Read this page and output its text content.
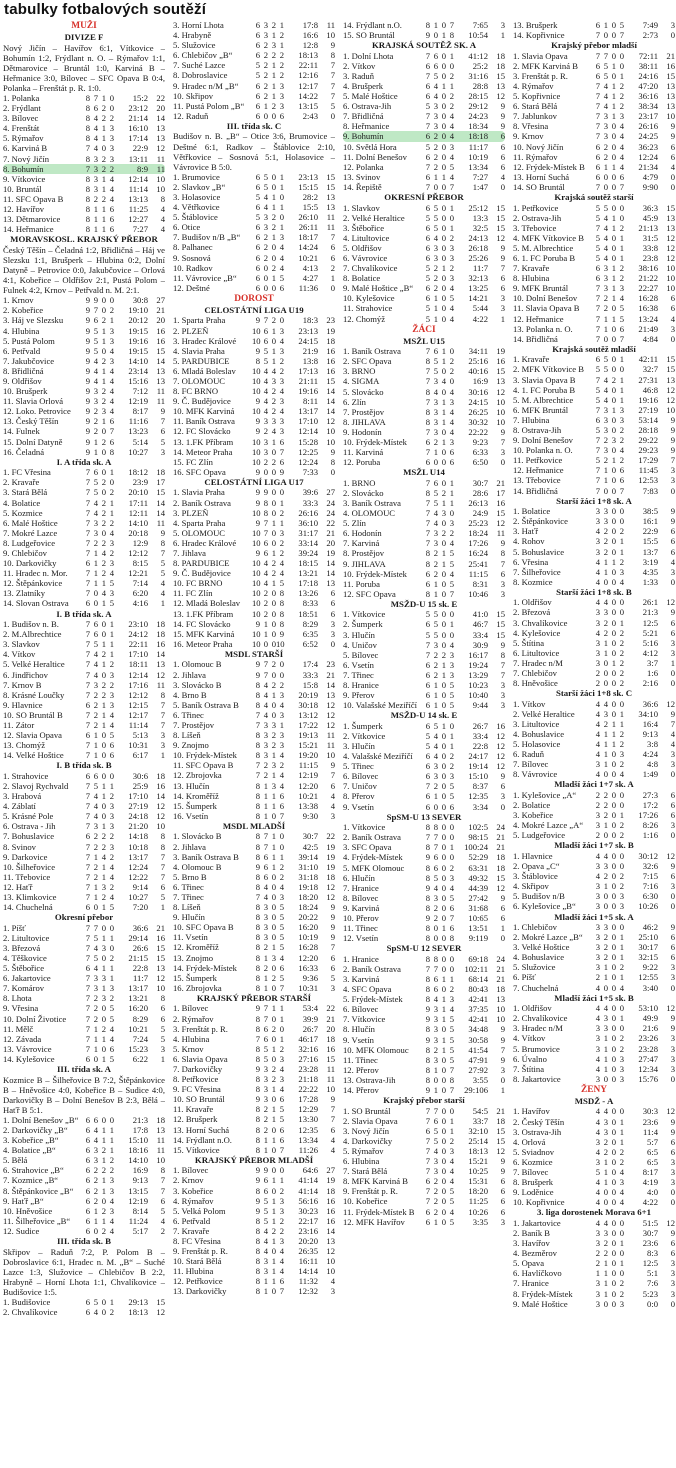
tabulky fotbalových soutěží
MUŽI
DIVIZE F

Nový Jičín – Havířov 6:1, Vítkovice – Bohumín 1:2, Frýdlant n. O. – Rýmařov 1:1, Dětmarovice – Bruntál 1:0, Karviná B – Heřmanice 3:0, Bílovec – SFC Opava B 0:4, Polanka – Frenštát p. R. 1:0.

1. Polanka	8 7 1 0	15:2 22
2. Frýdlant	8 6 2 0	23:12 20
3. Bílovec	8 4 2 2	21:14 14
4. Frenštát	8 4 1 3	16:10 13
5. Rýmařov	8 4 1 3	17:14 13
6. Karviná B	7 4 0 3	22:9 12
7. Nový Jičín	8 3 2 3	13:11	11
8. Bohumín	7 3 2 2	8:9	11
9. Vítkovice	8 3 1 4	12:14 10
10. Bruntál	8 3 1 4	11:14 10
11. SFC Opava B	8 2 2 4	13:13	8
12. Havířov	8 1 1 6	11:25	4
13. Dětmarovice	8 1 1 6	12:27	4
14. Heřmanice	8 1 1 6	7:27	4
MORAVSKOSL. KRAJSKÝ PŘEBOR

Český Těšín – Čeladná 1:2, Břidličná – Háj ve Slezsku 1:1, Brušperk – Hlubina 0:2, Dolní Datyně – Petrovice 0:0, Jakubčovice – Orlová 4:1, Kobeřice – Oldřišov 2:1, Pustá Polom – Fulnek 4:2, Krnov – Petřvald n. M. 2:1.

1. Krnov	9 9 0 0	30:8 27
2. Kobeřice	9 7 0 2	19:10 21
3. Háj ve Slezsku	9 6 2 1	20:12 20
4. Hlubina	9 5 1 3	19:15 16
5. Pustá Polom	9 5 1 3	19:16 16
6. Petřvald	9 5 0 4	19:15 15
7. Jakubčovice	9 4 2 3	14:10 14
8. Břidličná	9 4 1 4	23:14 13
9. Oldřišov	9 4 1 4	15:16 13
10. Brušperk	9 3 2 4	7:12	11
11. Slavia Orlová	9 3 2 4	12:19	11
12. Loko. Petrovice	9 2 3 4	8:17	9
13. Český Těšín	9 2 1 6	11:16	7
14. Fulnek	9 2 0 7	13:23	6
15. Dolní Datyně	9 1 2 6	5:14	5
16. Čeladná	9 1 0 8	10:27	3
I. A třída sk. A
1. FC Vřesina	7 6 0 1	18:12 18
2. Kravaře	7 5 2 0	23:9 17
3. Stará Bělá	7 5 0 2	20:10 15
4. Bolatice	7 4 2 1	17:11 14
5. Kozmice	7 4 2 1	12:11 14
6. Malé Hoštice	7 3 2 2	14:10	11
7. Mokré Lazce	7 3 0 4	20:18	9
8. Ludgeřovice	7 2 2 3	12:9	8
9. Chlebičov	7 1 4 2	12:12	7
10. Darkovičky	6 1 2 3	8:15	5
11. Hradec n. Mor.	7 1 2 4	12:21	5
12. Štěpánkovice	7 1 1 5	7:14	4
13. Zlatníky	7 0 4 3	6:20	4
14. Slovan Ostrava	6 0 1 5	4:16	1
I. B třída sk. A
1. Budišov n. B.	7 6 0 1	23:10 18
2. M.Albrechtice	7 6 0 1	24:12 18
3. Slavkov	7 5 1 1	22:11 16
4. Vítkov	7 4 2 1	17:10 14
5. Velké Heraltice	7 4 1 2	18:11 13
6. Jindřichov	7 4 0 3	12:14 12
7. Krnov B	7 3 2 2	17:16	11
8. Krásné Loučky	7 2 2 3	12:12	8
9. Hlavnice	6 2 1 3	12:15	7
10. SO Bruntál B	7 2 1 4	12:17	7
11. Zátor	7 2 1 4	11:14	7
12. Slavia Opava	6 1 0 5	5:13	3
13. Chomýž	7 1 0 6	10:31	3
14. Velké Hoštice	7 1 0 6	6:17	1
I. B třída sk. B
1. Strahovice	6 6 0 0	30:6 18
2. Slavoj Rychvald	7 5 1 1	25:9 16
3. Hrabová	7 4 1 2	17:10 14
4. Záblatí	7 4 0 3	27:19 12
5. Krásné Pole	7 4 0 3	24:18 12
6. Ostrava - Jih	7 3 1 3	21:20 10
7. Bohuslavice	6 2 2 2	14:18	8
8. Svinov	7 2 2 3	10:18	8
9. Darkovice	7 1 4 2	13:17	7
10. Šilheřovice	7 2 1 4	12:24	7
11. Třebovice	7 2 1 4	12:22	7
12. Haťř	7 1 3 2	9:14	6
13. Klimkovice	7 1 2 4	10:27	5
14. Chuchelná	6 0 1 5	7:20	1
Okresní přebor
1. Píšť	7 7 0 0	36:6 21
2. Litultovice	7 5 1 1	29:14 16
3. Březová	7 4 3 0	26:6 15
4. Těškovice	7 5 0 2	21:15 15
5. Štěbořice	6 4 1 1	22:8 13
6. Jakartovice	7 3 3 1	11:7 12
7. Komárov	7 3 1 3	13:17 10
8. Lhota	7 2 3 2	13:21	8
9. Vřesina	7 2 0 5	16:20	6
10. Dolní Životice	7 2 0 5	8:29	6
11. Mělč	7 1 2 4	10:21	5
12. Závada	7 1 1 4	7:24	5
13. Vávrovice	7 1 0 6	15:23	3
14. Kylešovice	6 0 1 5	6:22	1
III. třída sk. A

Kozmice B – Šilheřovice B 7:2, Štěpánkovice B – Hněvošice 4:0, Kobeřice B – Sudice 4:0, Darkovičky B – Dolní Benešov B 2:3, Bělá – Haťř B 5:1.

1. Dolní Benešov „B“ 6 6 0 0	21:3 18
2. Darkovičky „B“	6 4 1 1	17:8 13
3. Kobeřice „B“	6 4 1 1	15:10	11
4. Bolatice „B“	6 3 2 1	18:16	11
5. Bělá	6 3 1 2	14:10 10
6. Strahovice „B“	6 2 2 2	16:9	8
7. Kozmice „B“	6 2 1 3	9:13	7
8. Štěpánkovice „B“	6 2 1 3	13:15	7
9. Haťř „B“	6 2 0 4	12:19	6
10. Hněvošice	6 1 2 3	8:14	5
11. Šilheřovice „B“	6 1 1 4	11:24	4
12. Sudice	6 0 2 4	5:17	2
III. třída sk. B

Skřipov – Raduň 7:2, P. Polom B – Dobroslavice 6:1, Hradec n. M. „B“ – Suché Lazce 1:3, Služovice – Chlebičov B 2:2, Hrabyně – Horní Lhota 1:1, Chvalíkovice – Budišovice 1:5.

1. Budišovice	6 5 0 1	29:13 15
2. Chvalíkovice	6 4 0 2	18:13 12
3. Horní Lhota	6 3 2 1	17:8	11
4. Hrabyně	6 3 1 2	16:6 10
5. Služovice	6 2 3 1	12:8	9
6. Chlebičov „B“	6 2 2 2	18:13	8
7. Suché Lazce	5 2 1 2	22:11	7
8. Dobroslavice	5 2 1 2	12:16	7
9. Hradec n/M „B“	6 2 1 3	12:17	7
10. Skřipov	6 2 1 3	14:22	7
11. Pustá Polom „B“	6 1 2 3	13:15	5
12. Raduň	6 0 0 6	2:43	0
III. třída sk. C

Budišov n. B. „B“ – Otice 3:6, Brumovice – Deštné 6:1, Radkov – Štáblovice 2:10, Větřkovice – Sosnová 5:1, Holasovice – Vávrovice B 5:0.

1. Brumovice	6 5 0 1	23:13 15
2. Slavkov „B“	6 5 0 1	15:15 15
3. Holasovice	5 4 1 0	28:2 13
4. Větřkovice	6 4 1 1	15:5 13
5. Štáblovice	5 3 2 0	26:10	11
6. Otice	6 3 2 1	26:11	11
7. Budišov n/B „B“	6 2 1 3	18:17	7
8. Palhanec	6 2 0 4	14:24	6
9. Sosnová	6 2 0 4	10:21	6
10. Radkov	6 0 2 4	4:13	2
11. Vávrovice „B“	6 0 1 5	4:27	1
12. Deštné	6 0 0 6	11:36	0
DOROST
CELOSTÁTNÍ LIGA U19
1. Sparta Praha	9 7 2 0	18:3 23
2. PLZEŇ	10 6 1 3	23:13 19
3. Hradec Králové	10 6 0 4	24:15 18
4. Slavia Praha	9 5 1 3	21:9 16
5. PARDUBICE	8 5 1 2	13:8 16
6. Mladá Boleslav	10 4 4 2	17:13 16
7. OLOMOUC	10 4 3 3	21:11 15
8. FC BRNO	10 4 2 4	19:16 14
9. Č. Budějovice	9 4 2 3	8:11 14
10. MFK Karviná	10 4 2 4	13:17 14
11. Baník Ostrava	9 3 3 3	17:10 12
12. FC Slovácko	9 2 4 3	12:14 10
13. 1.FK Příbram	10 3 1 6	15:28 10
14. Meteor Praha	10 3 0 7	12:25	9
15. FC Zlín	10 2 2 6	12:24	8
16. SFC Opava	9 0 0 9	7:33	0
CELOSTÁTNÍ LIGA U17
1. Slavia Praha	9 9 0 0	39:6 27
2. Baník Ostrava	9 8 0 1	33:3 24
3. PLZEŇ	10 8 0 2	26:16 24
4. Sparta Praha	9 7 1 1	36:10 22
5. OLOMOUC	10 7 0 3	31:17 21
6. Hradec Králové	10 6 0 2	33:14 20
7. Jihlava	9 6 1 2	39:24 19
8. PARDUBICE	10 4 2 4	18:15 14
9. Č. Budějovice	10 4 2 4	13:21 14
10. FC BRNO	10 4 1 5	17:18 13
11. FC Zlín	10 2 0 8	13:26	6
12. Mladá Boleslav	10 2 0 8	8:33	6
13. 1.FK Příbram	10 2 0 8	18:51	6
14. FC Slovácko	9 1 0 8	8:29	3
15. MFK Karviná	10 1 0 9	6:35	3
16. Meteor Praha	10 0 0 10	6:52	0
MSDL STARŠÍ
1. Olomouc B	9 7 2 0	17:4 23
2. Jihlava	9 7 0 0	33:3 21
3. Slovácko B	8 4 2 2	15:8 14
4. Brno B	8 4 1 3	20:19 13
5. Baník Ostrava B	8 4 0 4	30:18 12
6. Třinec	7 4 0 3	13:12 12
7. Prostějov	7 3 3 1	17:22 12
8. Líšeň	8 3 2 3	19:13	11
9. Znojmo	8 3 2 3	15:21	11
10. Frýdek-Místek	8 3 1 4	19:20 10
11. SFC Opava B	7 2 3 2	11:15	9
12. Zbrojovka	7 2 1 4	12:19	7
13. Hlučín	8 1 3 4	12:20	6
14. Kroměříž	8 1 1 6	10:21	4
15. Šumperk	8 1 1 6	13:38	4
16. Vsetín	8 1 0 7	9:30	3
MSDL MLADŠÍ
1. Slovácko B	8 7 1 0	30:7 22
2. Jihlava	8 7 1 0	42:5 19
3. Baník Ostrava B	8 6 1 1	39:14 19
4. Olomouc B	9 6 1 2	31:10 19
5. Brno B	8 6 0 2	31:18 18
6. Třinec	8 4 0 4	19:18 12
7. Třinec	7 4 0 3	18:20 12
8. Líšeň	8 3 0 5	18:24	9
9. Hlučín	8 3 0 5	20:22	9
10. SFC Opava B	8 3 0 5	16:20	9
11. Vsetín	8 3 0 5	10:19	9
12. Kroměříž	8 2 1 5	16:28	7
13. Znojmo	8 1 3 4	12:20	6
14. Frýdek-Místek	8 2 0 6	16:33	6
15. Šumperk	8 1 2 5	9:36	5
16. Zbrojovka	8 1 0 7	10:31	3
KRAJSKÝ PŘEBOR STARŠÍ
1. Bílovec	9 7 1 1	53:4 22
2. Rýmařov	8 7 0 1	39:9 21
3. Frenštát p. R.	8 6 2 0	26:7 20
4. Hlubina	7 6 0 1	46:17 18
5. Krnov	8 5 1 2	32:16 16
6. Slavia Opava	8 5 0 3	27:16 15
7. Darkovičky	9 3 2 4	23:28	11
8. Petřkovice	8 3 2 3	21:18	11
9. FC Vřesina	8 3 1 4	22:22 10
10. SO Bruntál	9 3 0 6	17:28	9
11. Kravaře	8 2 1 5	12:29	7
12. Brušperk	8 2 1 5	13:30	7
13. Horní Suchá	8 2 0 6	12:35	6
14. Frýdlant n.O.	8 1 1 6	13:34	4
15. Vítkovice	8 1 0 7	11:26	4
KRAJSKÝ PŘEBOR MLADŠÍ
1. Bílovec	9 9 0 0	64:6 27
2. Krnov	9 6 1 1	41:14 19
3. Kobeřice	8 6 0 2	41:14 18
4. Rýmařov	9 5 1 3	56:16 16
5. Velká Polom	9 5 1 3	30:23 16
6. Petřvald	8 5 1 2	22:17 16
7. Kravaře	8 4 2 2	23:16 14
8. FC Vřesina	8 4 1 3	20:20 13
9. Frenštát p. R.	8 4 0 4	26:35 12
10. Stará Bělá	8 3 1 4	16:11 10
11. Hlubina	8 3 1 4	14:14 10
12. Petřkovice	8 1 1 6	11:32	4
13. Darkovičky	8 1 0 7	12:32	3
14. Frýdlant n.O.	8 1 0 7	7:65	3
15. SO Bruntál	9 0 1 8	10:54	1
KRAJSKÁ SOUTĚŽ SK. A
1. Dolní Lhota	7 6 0 1	41:12 18
2. Vítkov	6 6 0 0	25:2 18
3. Raduň	7 5 0 2	31:16 15
4. Brušperk	6 4 1 1	28:8 13
5. Malé Hoštice	6 4 0 2	28:15 12
6. Ostrava-Jih	5 3 0 2	29:12	9
7. Břidličná	7 3 0 4	24:23	9
8. Heřmanice	7 3 0 4	18:34	9
9. Bohumín	6 2 0 4	18:18	6
10. Světlá Hora	5 2 0 3	11:17	6
11. Dolní Benešov	6 2 0 4	10:19	6
12. Polanka	7 2 0 5	13:34	6
13. Svinov	6 1 1 4	7:27	4
14. Řepiště	7 0 0 7	1:47	0
OKRESNÍ PŘEBOR
1. Slavkov	6 5 0 1	25:12 15
2. Velké Heraltice	5 5 0 0	13:3 15
3. Štěbořice	6 5 0 1	32:5 15
4. Litultovice	6 4 0 2	24:13 12
5. Oldřišov	6 3 0 3	26:18	9
6. Vávrovice	6 3 0 3	25:26	9
7. Chvalíkovice	5 2 1 2	11:7	7
8. Bolatice	5 2 0 3	32:13	6
9. Malé Hoštice „B“	6 2 0 4	13:25	6
10. Kylešovice	6 1 0 5	14:21	3
11. Strahovice	5 1 0 4	5:44	3
12. Chomýž	5 1 0 4	4:22	1
ŽÁCI
MSŽL U15
1. Baník Ostrava	7 6 1 0	34:11 19
2. SFC Opava	8 5 1 2	25:16 16
3. BRNO	7 5 0 2	40:16 15
4. SIGMA	7 3 4 0	16:9 13
5. Slovácko	8 4 0 4	30:16 12
6. Zlín	7 3 1 3	24:15 10
7. Prostějov	8 3 1 4	26:25 10
8. JIHLAVA	8 3 1 4	30:32 10
9. Hodonín	7 3 0 4	22:22	9
10. Frýdek-Místek	6 2 1 3	9:23	7
11. Karviná	7 1 0 6	6:33	3
12. Poruba	6 0 0 6	6:50	0
MSŽL U14
1. BRNO	7 6 0 1	30:7 21
2. Slovácko	8 5 2 1	28:6 17
3. Baník Ostrava	7 5 1 1	26:13 16
4. OLOMOUC	7 4 3 0	24:9 15
5. Zlín	7 4 0 3	25:23 12
6. Hodonín	7 3 2 2	18:24	11
7. Karviná	7 3 0 4	17:26	9
8. Prostějov	8 2 1 5	16:24	8
9. JIHLAVA	8 2 1 5	25:41	7
10. Frýdek-Místek	6 2 0 4	11:15	6
11. Poruba	6 1 0 5	8:31	3
12. SFC Opava	8 1 0 7	10:46	3
MSŽD-U 15 sk. E
1. Vítkovice	5 5 0 0	41:0 15
2. Šumperk	6 5 0 1	46:7 15
3. Hlučín	5 5 0 0	33:4 15
4. Uničov	7 3 0 4	30:9	9
5. Bílovec	7 2 2 3	16:17	8
6. Vsetín	6 2 1 3	19:24	7
7. Třinec	6 2 1 3	13:29	7
8. Hranice	6 1 0 5	10:23	3
9. Přerov	6 1 0 5	10:40	3
10. Valašské Meziříčí	6 1 0 5	9:44	3
MSŽD-U 14 sk. E
1. Šumperk	6 5 1 0	26:7 16
2. Vítkovice	5 4 0 1	33:4 12
3. Hlučín	5 4 0 1	22:8 12
4. Valašské Meziříčí	6 4 0 2	24:17 12
5. Třinec	6 3 0 2	19:14 12
6. Bílovec	6 3 0 3	15:10	9
7. Uničov	7 2 0 5	8:37	6
8. Přerov	6 1 0 5	12:35	3
9. Vsetín	6 0 0 6	3:34	0
SpSM-U 13 SEVER
1. Vítkovice	8 8 0 0	102:5 24
2. Baník Ostrava	7 7 0 0	98:15 21
3. SFC Opava	8 7 0 1	100:24 21
4. Frýdek-Místek	9 6 0 0	52:29 18
5. MFK Olomouc	8 6 0 2	63:31 18
6. Hlučín	8 5 0 3	49:32 15
7. Hranice	9 4 0 4	44:39 12
8. Bílovec	8 3 0 5	27:42	9
9. Karviná	8 2 0 6	31:68	6
10. Přerov	9 2 0 7	10:65	6
11. Třinec	8 0 1 6	13:51	1
12. Vsetín	8 0 0 8	9:119	0
SpSM-U 12 SEVER
1. Hranice	8 8 0 0	69:18 24
2. Baník Ostrava	7 7 0 0	102:11 21
3. Karviná	8 6 1 1	68:14 21
4. SFC Opava	8 6 0 2	80:43 18
5. Frýdek-Místek	8 4 1 3	42:41 13
6. Bílovec	9 3 1 4	37:35 10
7. Vítkovice	9 3 1 5	42:41 10
8. Hlučín	8 3 0 5	34:48	9
9. Vsetín	9 3 1 5	30:58	9
10. MFK Olomouc	8 2 1 5	41:54	7
11. Třinec	8 3 0 5	47:91	9
12. Přerov	8 1 0 7	27:92	3
13. Ostrava-Jih	8 0 0 8	3:55	0
14. Přerov	9 1 0 7	29:106	1
Krajský přebor starší
1. SO Bruntál	7 7 0 0	54:5 21
2. Slavia Opava	7 6 0 1	33:7 18
3. Nový Jičín	6 5 0 1	32:10 15
4. Darkovičky	7 5 0 2	25:14 15
5. Rýmařov	7 4 0 3	18:13 12
6. Hlubina	7 3 0 4	15:21	9
7. Stará Bělá	7 3 0 4	10:25	9
8. MFK Karviná B	6 2 0 4	15:31	6
9. Frenštát p. R.	7 2 0 5	18:20	6
10. Kobeřice	7 2 0 5	11:25	6
11. Frýdek-Místek B	6 2 0 4	10:26	6
12. MFK Havířov	6 1 0 5	3:35	3
13. Brušperk	6 1 0 5	7:49	3
14. Kopřivnice	7 0 0 7	2:73	0
Krajský přebor mladší
1. Slavia Opava	7 7 0 0	72:11 21
2. MFK Karviná B	6 5 1 0	38:11 16
3. Frenštát p. R.	6 5 0 1	24:16 15
4. Rýmařov	7 4 1 2	47:20 13
5. Kopřivnice	7 4 1 2	36:16 13
6. Stará Bělá	7 4 1 2	38:34 13
7. Jablunkov	7 3 1 3	23:17 10
8. Vřesina	7 3 0 4	26:16	9
9. Krnov	7 3 0 4	24:25	9
10. Nový Jičín	6 2 0 4	36:23	6
11. Rýmařov	6 2 0 4	12:24	6
12. Frýdek-Místek B	6 1 1 4	21:34	4
13. Horní Suchá	6 0 0 6	4:79	0
14. SO Bruntál	7 0 0 7	9:90	0
Krajská soutěž starší
1. Petřkovice	5 5 0 0	36:3 15
2. Ostrava-Jih	5 4 1 0	45:9 13
3. Třebovice	7 4 1 2	21:13 13
4. MFK Vítkovice B	5 4 0 1	31:5 12
5. M. Albrechtice	5 4 0 1	33:8 12
6. 1. FC Poruba B	5 4 0 1	23:8 12
7. Kravaře	6 3 1 2	38:16 10
8. Hlubina	6 3 1 2	21:22 10
9. MFK Bruntál	7 3 1 3	22:27 10
10. Dolní Benešov	7 2 1 4	16:28	6
11. Slavia Opava B	7 2 0 5	16:38	6
12. Heřmanice	7 1 1 5	13:24	4
13. Polanka n. O.	7 1 0 6	21:49	3
14. Břidličná	7 0 0 7	4:84	0
Krajská soutěž mladší
1. Kravaře	6 5 0 1	42:11 15
2. MFK Vítkovice B	5 5 0 0	32:7 15
3. Slavia Opava B	7 4 2 1	27:31 13
4. 1. FC Poruba B	5 4 0 1	46:8 12
5. M. Albrechtice	5 4 0 1	19:16 12
6. MFK Bruntál	7 3 1 3	27:19 10
7. Hlubina	6 3 0 3	53:14	9
8. Ostrava-Jih	5 3 0 2	28:18	9
9. Dolní Benešov	7 2 3 2	29:22	9
10. Polanka n. O.	7 3 0 4	29:23	9
11. Petřkovice	5 2 1 2	17:29	7
12. Heřmanice	7 1 0 6	11:45	3
13. Třebovice	7 1 0 6	12:53	3
14. Břidličná	7 0 0 7	7:83	0
Starší žáci 1+8 sk. A
1. Bolatice	3 3 0 0	38:5	9
2. Štěpánkovice	3 3 0 0	16:1	9
3. Haťř	4 2 0 2	22:9	6
4. Rohov	3 2 0 1	15:5	6
5. Bohuslavice	3 2 0 1	13:7	6
6. Vřesina	4 1 1 2	3:19	4
7. Šilheřovice	4 1 0 3	4:35	3
8. Kozmice	4 0 0 4	1:33	0
Starší žáci 1+8 sk. B
1. Oldřišov	4 4 0 0	26:1 12
2. Březová	3 3 0 0	21:3	9
3. Chvalíkovice	3 2 0 1	12:5	6
4. Kylešovice	4 2 0 2	5:21	6
5. Štítina	3 1 0 2	5:16	3
6. Litultovice	3 1 0 2	4:12	3
7. Hradec n/M	3 0 1 2	3:7	1
7. Chlebičov	2 0 0 2	1:6	0
8. Hněvošice	2 0 0 2	2:16	0
Starší žáci 1+8 sk. C
1. Vítkov	4 4 0 0	36:6 12
2. Velké Heraltice	4 3 0 1	34:10	9
3. Litultovice	4 2 1 1	16:4	7
4. Bohuslavice	4 1 1 2	9:13	4
5. Holasovice	4 1 1 2	3:8	4
6. Raduň	4 1 0 3	4:24	3
7. Bílovec	3 1 0 2	4:8	3
8. Vávrovice	4 0 0 4	1:49	0
Mladší žáci 1+7 sk. A
1. Kylešovice „A“	2 2 0 0	27:3	6
2. Bolatice	2 2 0 0	17:2	6
3. Kobeřice	3 2 0 1	17:26	6
4. Mokré Lazce „A“	3 1 0 2	8:26	3
5. Ludgeřovice	2 0 0 2	1:16	0
Mladší žáci 1+7 sk. B
1. Hlavnice	4 4 0 0	30:12 12
2. Opava „C“	3 3 0 0	32:6	9
3. Štáblovice	4 2 0 2	7:15	6
4. Skřipov	3 1 0 2	7:16	3
5. Budišov n/B	3 0 0 3	6:30	0
6. Kylešovice „B“	3 0 0 3	10:26	0
Mladší žáci 1+5 sk. A
1. Chlebičov	3 3 0 0	46:2	9
2. Mokré Lazce „B“	3 2 0 1	25:10	6
3. Velké Hoštice	3 2 0 1	30:17	6
4. Bohuslavice	3 2 0 1	32:15	6
5. Služovice	3 1 0 2	9:22	3
6. Píšť	2 1 0 1	12:55	3
7. Chuchelná	4 0 0 4	3:40	0
Mladší žáci 1+5 sk. B
1. Oldřišov	4 4 0 0	53:10 12
2. Chvalíkovice	4 3 0 1	49:9	9
3. Hradec n/M	3 3 0 0	21:6	9
4. Vítkov	3 1 0 2	23:26	3
5. Brumovice	3 1 0 2	23:28	3
6. Úvalno	4 1 0 3	27:47	3
7. Štítina	4 1 0 3	12:34	3
8. Jakartovice	3 0 0 3	15:76	0
ŽENY
MSDŽ - A
1. Havířov	4 4 0 0	30:3 12
2. Český Těšín	4 3 0 1	23:6	9
3. Ostrava-Jih	4 3 0 1	11:4	9
4. Orlová	3 2 0 1	5:7	6
5. Sviadnov	4 2 0 2	6:5	6
6. Kozmice	3 1 0 2	6:5	3
7. Bílovec	5 1 0 4	8:17	3
8. Brušperk	4 1 0 3	4:19	3
9. Loděnice	4 0 0 4	4:0	0
10. Kopřivnice	4 0 0 4	4:22	0
3. liga dorostenek Morava 6+1
1. Jakartovice	4 4 0 0	51:5 12
2. Baník B	3 3 0 0	30:7	9
3. Havířov	3 2 0 1	23:6	6
4. Bezměrov	2 2 0 0	8:3	6
5. Opava	2 1 0 1	12:5	3
6. Havlíčkovo	1 1 0 0	5:1	3
7. Hranice	3 1 0 2	7:6	3
8. Frýdek-Místek	3 1 0 2	5:23	3
9. Malé Hoštice	3 0 0 3	0:0	0
